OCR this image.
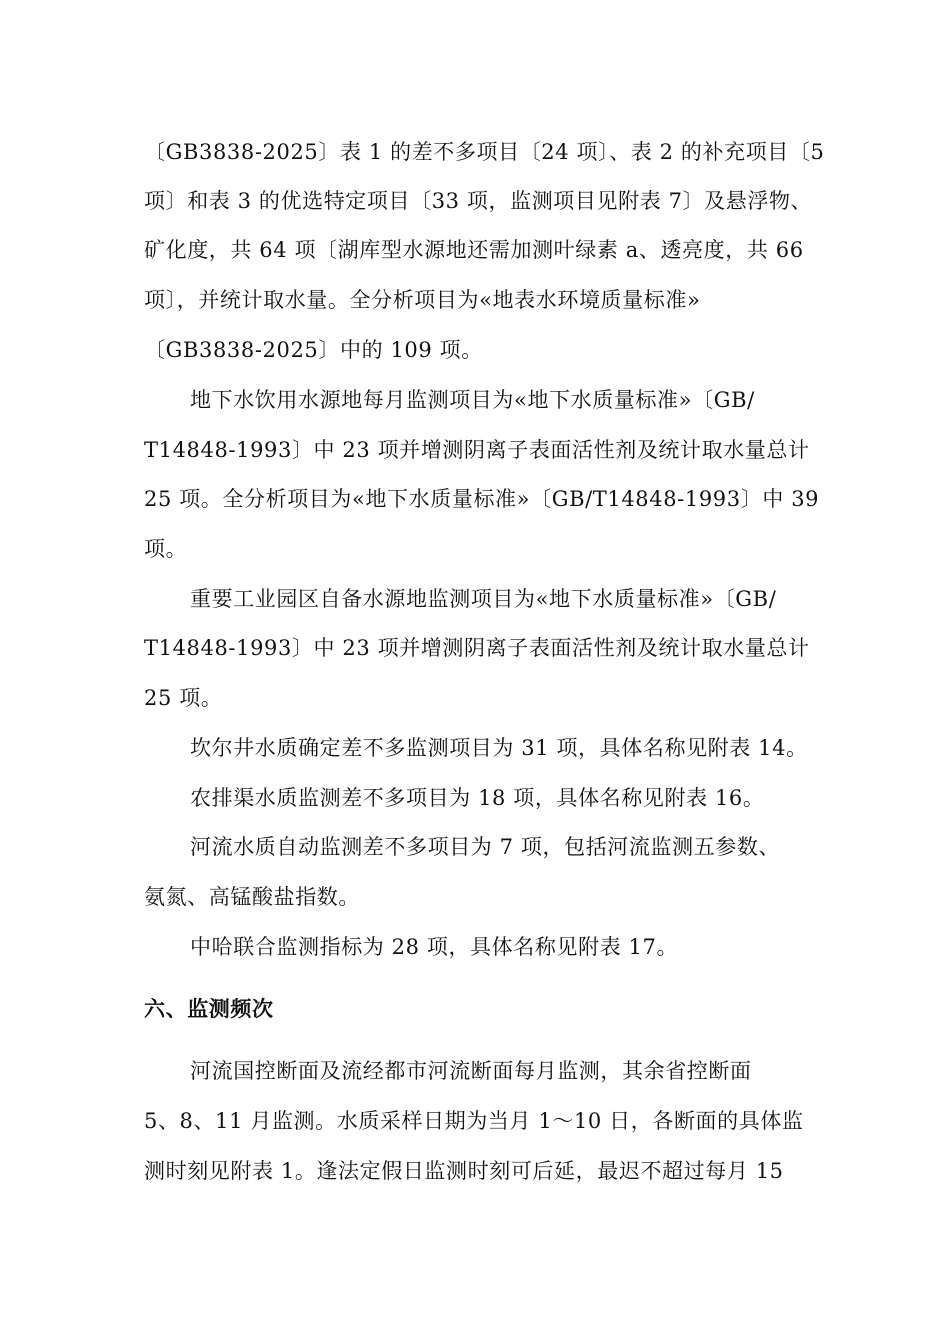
〔GB3838-2025〕表 1 的差不多项目〔24 项〕、表 2 的补充项目〔5
项〕和表 3 的优选特定项目〔33 项，监测项目见附表 7〕及悬浮物、
矿化度，共 64 项〔湖库型水源地还需加测叶绿素 a、透亮度，共 66
项〕，并统计取水量。全分析项目为«地表水环境质量标准»
〔GB3838-2025〕中的 109 项。
地下水饮用水源地每月监测项目为«地下水质量标准»〔GB/
T14848-1993〕中 23 项并增测阴离子表面活性剂及统计取水量总计
25 项。全分析项目为«地下水质量标准»〔GB/T14848-1993〕中 39
项。
重要工业园区自备水源地监测项目为«地下水质量标准»〔GB/
T14848-1993〕中 23 项并增测阴离子表面活性剂及统计取水量总计
25 项。
坎尔井水质确定差不多监测项目为 31 项，具体名称见附表 14。
农排渠水质监测差不多项目为 18 项，具体名称见附表 16。
河流水质自动监测差不多项目为 7 项，包括河流监测五参数、
氨氮、高锰酸盐指数。
中哈联合监测指标为 28 项，具体名称见附表 17。
六、监测频次
河流国控断面及流经都市河流断面每月监测，其余省控断面
5、8、11 月监测。水质采样日期为当月 1～10 日，各断面的具体监
测时刻见附表 1。逢法定假日监测时刻可后延，最迟不超过每月 15
